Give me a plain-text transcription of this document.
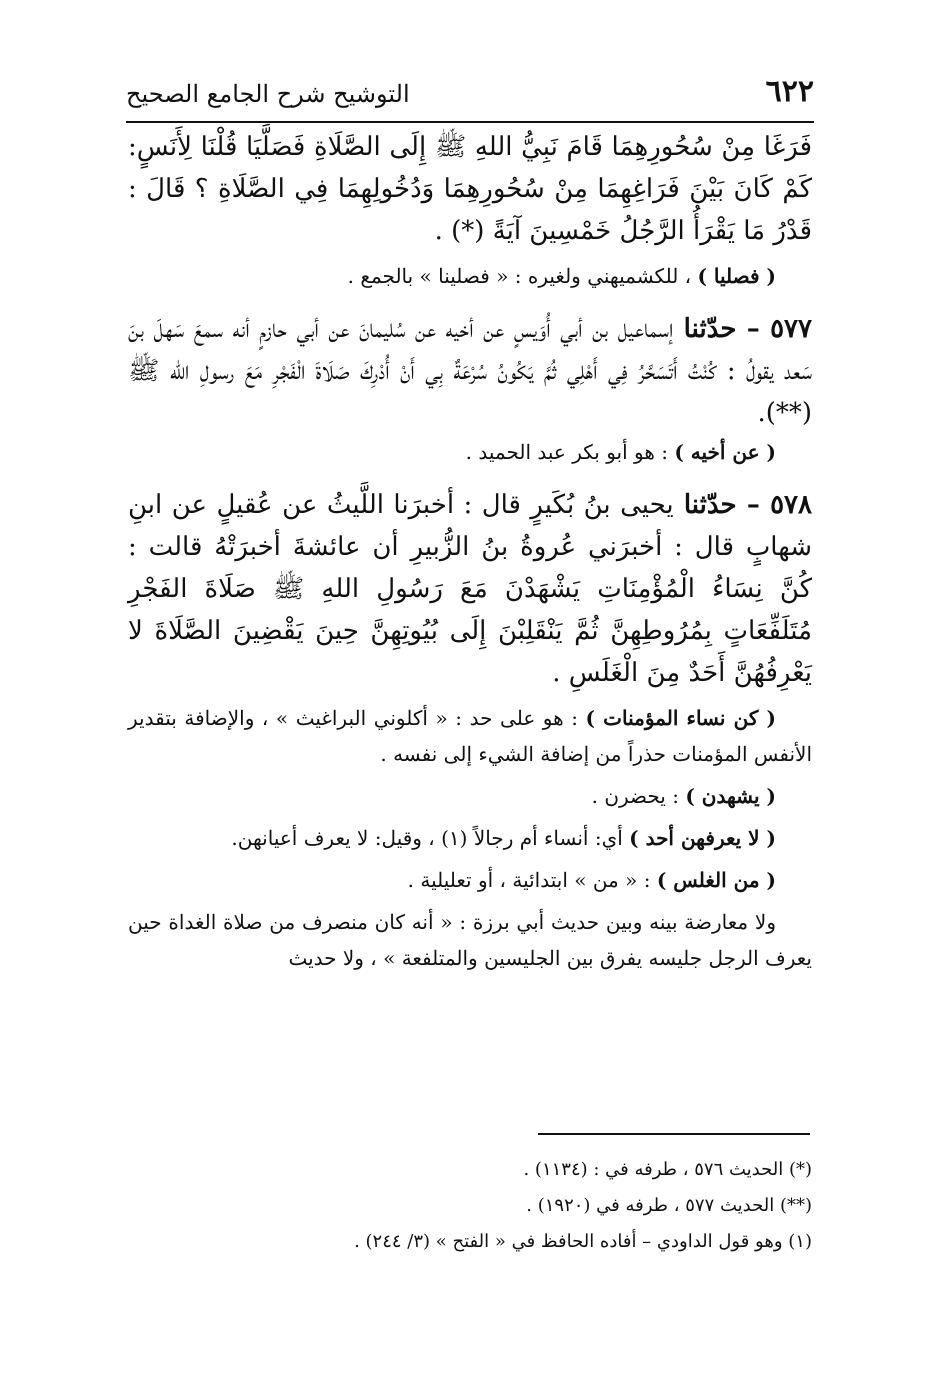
٦٢٢
التوشيح شرح الجامع الصحيح

فَرَغَا مِنْ سُحُورِهِمَا قَامَ نَبِيُّ اللهِ ﷺ إِلَى الصَّلَاةِ فَصَلَّيَا قُلْنَا لِأَنَسٍ: كَمْ كَانَ بَيْنَ فَرَاغِهِمَا مِنْ سُحُورِهِمَا وَدُخُولِهِمَا فِي الصَّلَاةِ ؟ قَالَ : قَدْرُ مَا يَقْرَأُ الرَّجُلُ خَمْسِينَ آيَةً (*) .

( فصليا ) ، للكشميهني ولغيره : « فصلينا » بالجمع .

٥٧٧ – حدّثنا إسماعيل بن أبي أُوَيسٍ عن أخيه عن سُليمانَ عن أبي حازمٍ أنه سمعَ سَهلَ بنَ سَعد يقولُ : كُنْتُ أَتَسَحَّرُ فِي أَهْلِي ثُمَّ يَكُونُ سُرْعَةٌ بِي أَنْ أُدْرِكَ صَلَاةَ الْفَجْرِ مَعَ رسولِ الله ﷺ (**).

( عن أخيه ) : هو أبو بكر عبد الحميد .

٥٧٨ – حدّثنا يحيى بنُ بُكَيرٍ قال : أخبرَنا اللَّيثُ عن عُقيلٍ عن ابنِ شهابٍ قال : أخبرَني عُروةُ بنُ الزُّبيرِ أن عائشةَ أخبرَتْهُ قالت : كُنَّ نِسَاءُ الْمُؤْمِنَاتِ يَشْهَدْنَ مَعَ رَسُولِ اللهِ ﷺ صَلَاةَ الفَجْرِ مُتَلَفِّعَاتٍ بِمُرُوطِهِنَّ ثُمَّ يَنْقَلِبْنَ إِلَى بُيُوتِهِنَّ حِينَ يَقْضِينَ الصَّلَاةَ لا يَعْرِفُهُنَّ أَحَدٌ مِنَ الْغَلَسِ .

( كن نساء المؤمنات ) : هو على حد : « أكلوني البراغيث » ، والإضافة بتقدير الأنفس المؤمنات حذراً من إضافة الشيء إلى نفسه .

( يشهدن ) : يحضرن .

( لا يعرفهن أحد ) أي: أنساء أم رجالاً (١) ، وقيل: لا يعرف أعيانهن.

( من الغلس ) : « من » ابتدائية ، أو تعليلية .

ولا معارضة بينه وبين حديث أبي برزة : « أنه كان منصرف من صلاة الغداة حين يعرف الرجل جليسه يفرق بين الجليسين والمتلفعة » ، ولا حديث

(*) الحديث ٥٧٦ ، طرفه في : (١١٣٤) .

(**) الحديث ٥٧٧ ، طرفه في (١٩٢٠) .

(١) وهو قول الداودي – أفاده الحافظ في « الفتح » (٣/ ٢٤٤) .
